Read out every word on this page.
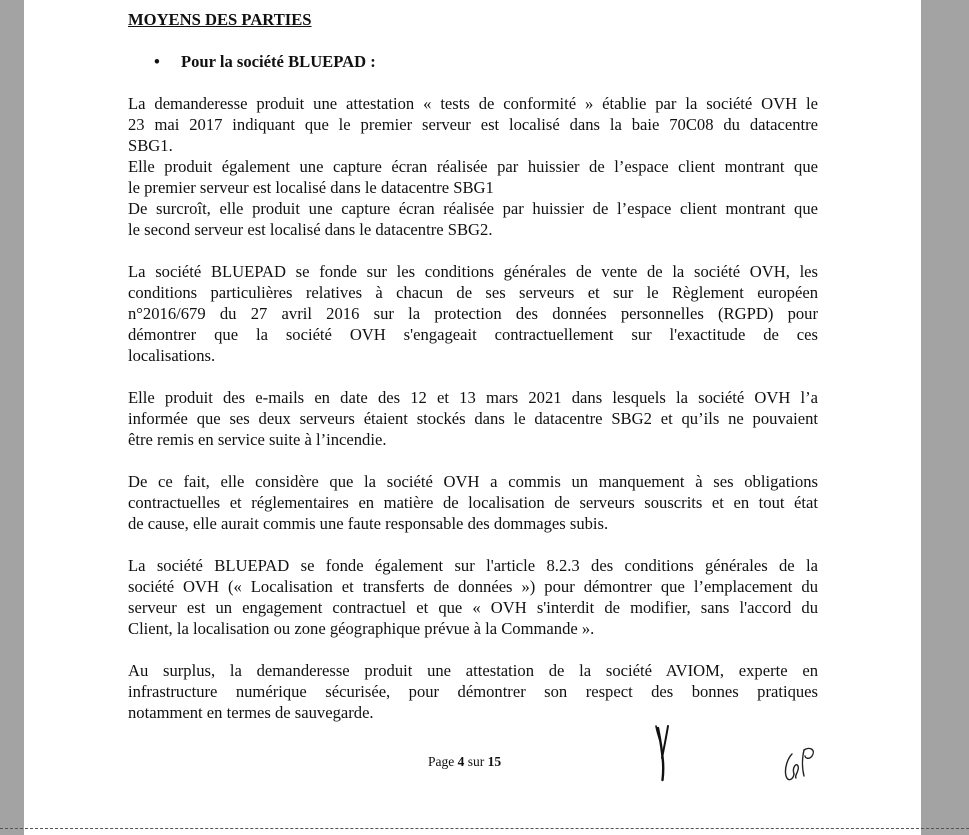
MOYENS DES PARTIES
• Pour la société BLUEPAD :

La demanderesse produit une attestation « tests de conformité » établie par la société OVH le
23 mai 2017 indiquant que le premier serveur est localisé dans la baie 70C08 du datacentre
SBG1.
Elle produit également une capture écran réalisée par huissier de l’espace client montrant que
le premier serveur est localisé dans le datacentre SBG1
De surcroît, elle produit une capture écran réalisée par huissier de l’espace client montrant que
le second serveur est localisé dans le datacentre SBG2.

La société BLUEPAD se fonde sur les conditions générales de vente de la société OVH, les
conditions particulières relatives à chacun de ses serveurs et sur le Règlement européen
n°2016/679 du 27 avril 2016 sur la protection des données personnelles (RGPD) pour
démontrer que la société OVH s'engageait contractuellement sur l'exactitude de ces
localisations.

Elle produit des e-mails en date des 12 et 13 mars 2021 dans lesquels la société OVH l’a
informée que ses deux serveurs étaient stockés dans le datacentre SBG2 et qu’ils ne pouvaient
être remis en service suite à l’incendie.

De ce fait, elle considère que la société OVH a commis un manquement à ses obligations
contractuelles et réglementaires en matière de localisation de serveurs souscrits et en tout état
de cause, elle aurait commis une faute responsable des dommages subis.

La société BLUEPAD se fonde également sur l'article 8.2.3 des conditions générales de la
société OVH (« Localisation et transferts de données ») pour démontrer que l’emplacement du
serveur est un engagement contractuel et que « OVH s'interdit de modifier, sans l'accord du
Client, la localisation ou zone géographique prévue à la Commande ».

Au surplus, la demanderesse produit une attestation de la société AVIOM, experte en
infrastructure numérique sécurisée, pour démontrer son respect des bonnes pratiques
notamment en termes de sauvegarde.

Page 4 sur 15
